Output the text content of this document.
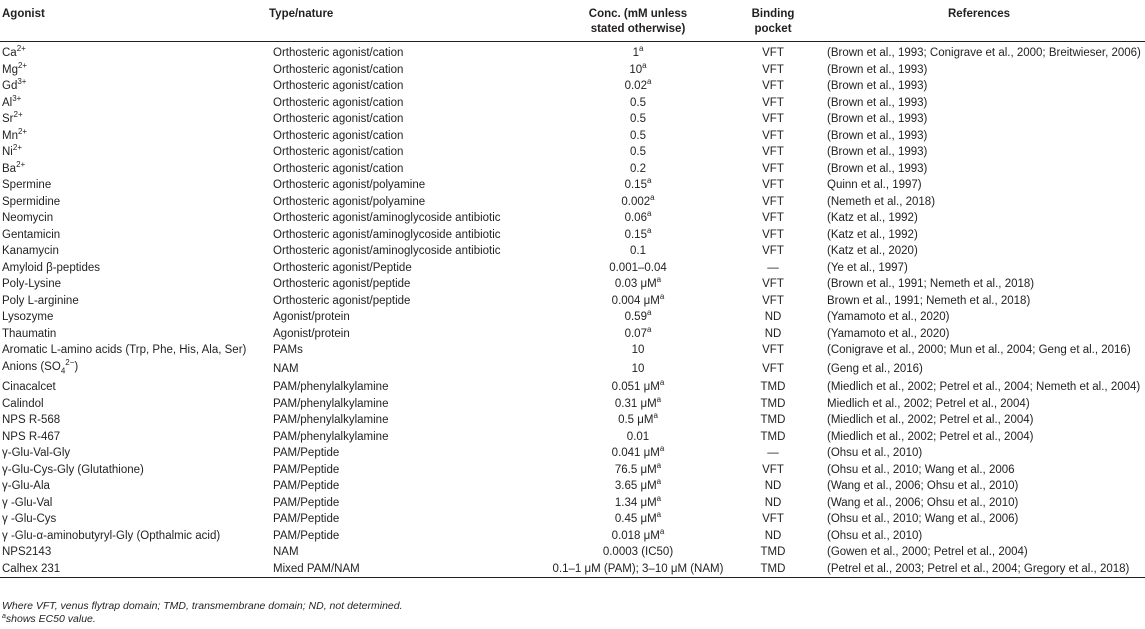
Agonist	Type/nature	Conc. (mM unless
stated otherwise)	Binding pocket	References
$Ca^{2+}$	Orthosteric agonist/cation	1$^a$	VFT	(Brown et al., 1993; Conigrave et al., 2000; Breitwieser, 2006)
$Mg^{2+}$	Orthosteric agonist/cation	10$^a$	VFT	(Brown et al., 1993)
$Gd^{3+}$	Orthosteric agonist/cation	0.02$^a$	VFT	(Brown et al., 1993)
$Al^{3+}$	Orthosteric agonist/cation	0.5	VFT	(Brown et al., 1993)
$Sr^{2+}$	Orthosteric agonist/cation	0.5	VFT	(Brown et al., 1993)
$Mn^{2+}$	Orthosteric agonist/cation	0.5	VFT	(Brown et al., 1993)
$Ni^{2+}$	Orthosteric agonist/cation	0.5	VFT	(Brown et al., 1993)
$Ba^{2+}$	Orthosteric agonist/cation	0.2	VFT	(Brown et al., 1993)
Spermine	Orthosteric agonist/polyamine	0.15$^a$	VFT	Quinn et al., 1997)
Spermidine	Orthosteric agonist/polyamine	0.002$^a$	VFT	(Nemeth et al., 2018)
Neomycin	Orthosteric agonist/aminoglycoside antibiotic	0.06$^a$	VFT	(Katz et al., 1992)
Gentamicin	Orthosteric agonist/aminoglycoside antibiotic	0.15$^a$	VFT	(Katz et al., 1992)
Kanamycin	Orthosteric agonist/aminoglycoside antibiotic	0.1	VFT	(Katz et al., 2020)
Amyloid β-peptides	Orthosteric agonist/Peptide	0.001–0.04	—	(Ye et al., 1997)
Poly-Lysine	Orthosteric agonist/peptide	0.03 $\mu M^a$	VFT	(Brown et al., 1991; Nemeth et al., 2018)
Poly L-arginine	Orthosteric agonist/peptide	0.004 $\mu M^a$	VFT	Brown et al., 1991; Nemeth et al., 2018)
Lysozyme	Agonist/protein	0.59$^a$	ND	(Yamamoto et al., 2020)
Thaumatin	Agonist/protein	0.07$^a$	ND	(Yamamoto et al., 2020)
Aromatic L-amino acids (Trp, Phe, His, Ala, Ser)	PAMs	10	VFT	(Conigrave et al., 2000; Mun et al., 2004; Geng et al., 2016)
Anions $(SO_4^{2-})$	NAM	10	VFT	(Geng et al., 2016)
Cinacalcet	PAM/phenylalkylamine	0.051 $\mu M^a$	TMD	(Miedlich et al., 2002; Petrel et al., 2004; Nemeth et al., 2004)
Calindol	PAM/phenylalkylamine	0.31 $\mu M^a$	TMD	Miedlich et al., 2002; Petrel et al., 2004)
NPS R-568	PAM/phenylalkylamine	0.5 $\mu M^a$	TMD	(Miedlich et al., 2002; Petrel et al., 2004)
NPS R-467	PAM/phenylalkylamine	0.01	TMD	(Miedlich et al., 2002; Petrel et al., 2004)
γ-Glu-Val-Gly	PAM/Peptide	0.041 $\mu M^a$	—	(Ohsu et al., 2010)
γ-Glu-Cys-Gly (Glutathione)	PAM/Peptide	76.5 $\mu M^a$	VFT	(Ohsu et al., 2010; Wang et al., 2006
γ-Glu-Ala	PAM/Peptide	3.65 $\mu M^a$	ND	(Wang et al., 2006; Ohsu et al., 2010)
γ -Glu-Val	PAM/Peptide	1.34 $\mu M^a$	ND	(Wang et al., 2006; Ohsu et al., 2010)
γ -Glu-Cys	PAM/Peptide	0.45 $\mu M^a$	VFT	(Ohsu et al., 2010; Wang et al., 2006)
γ -Glu-α-aminobutyryl-Gly (Opthalmic acid)	PAM/Peptide	0.018 $\mu M^a$	ND	(Ohsu et al., 2010)
NPS2143	NAM	0.0003 (IC50)	TMD	(Gowen et al., 2000; Petrel et al., 2004)
Calhex 231	Mixed PAM/NAM	0.1–1 μM (PAM); 3–10 μM (NAM)	TMD	(Petrel et al., 2003; Petrel et al., 2004; Gregory et al., 2018)
Where VFT, venus flytrap domain; TMD, transmembrane domain; ND, not determined.
$^a$shows EC50 value.
